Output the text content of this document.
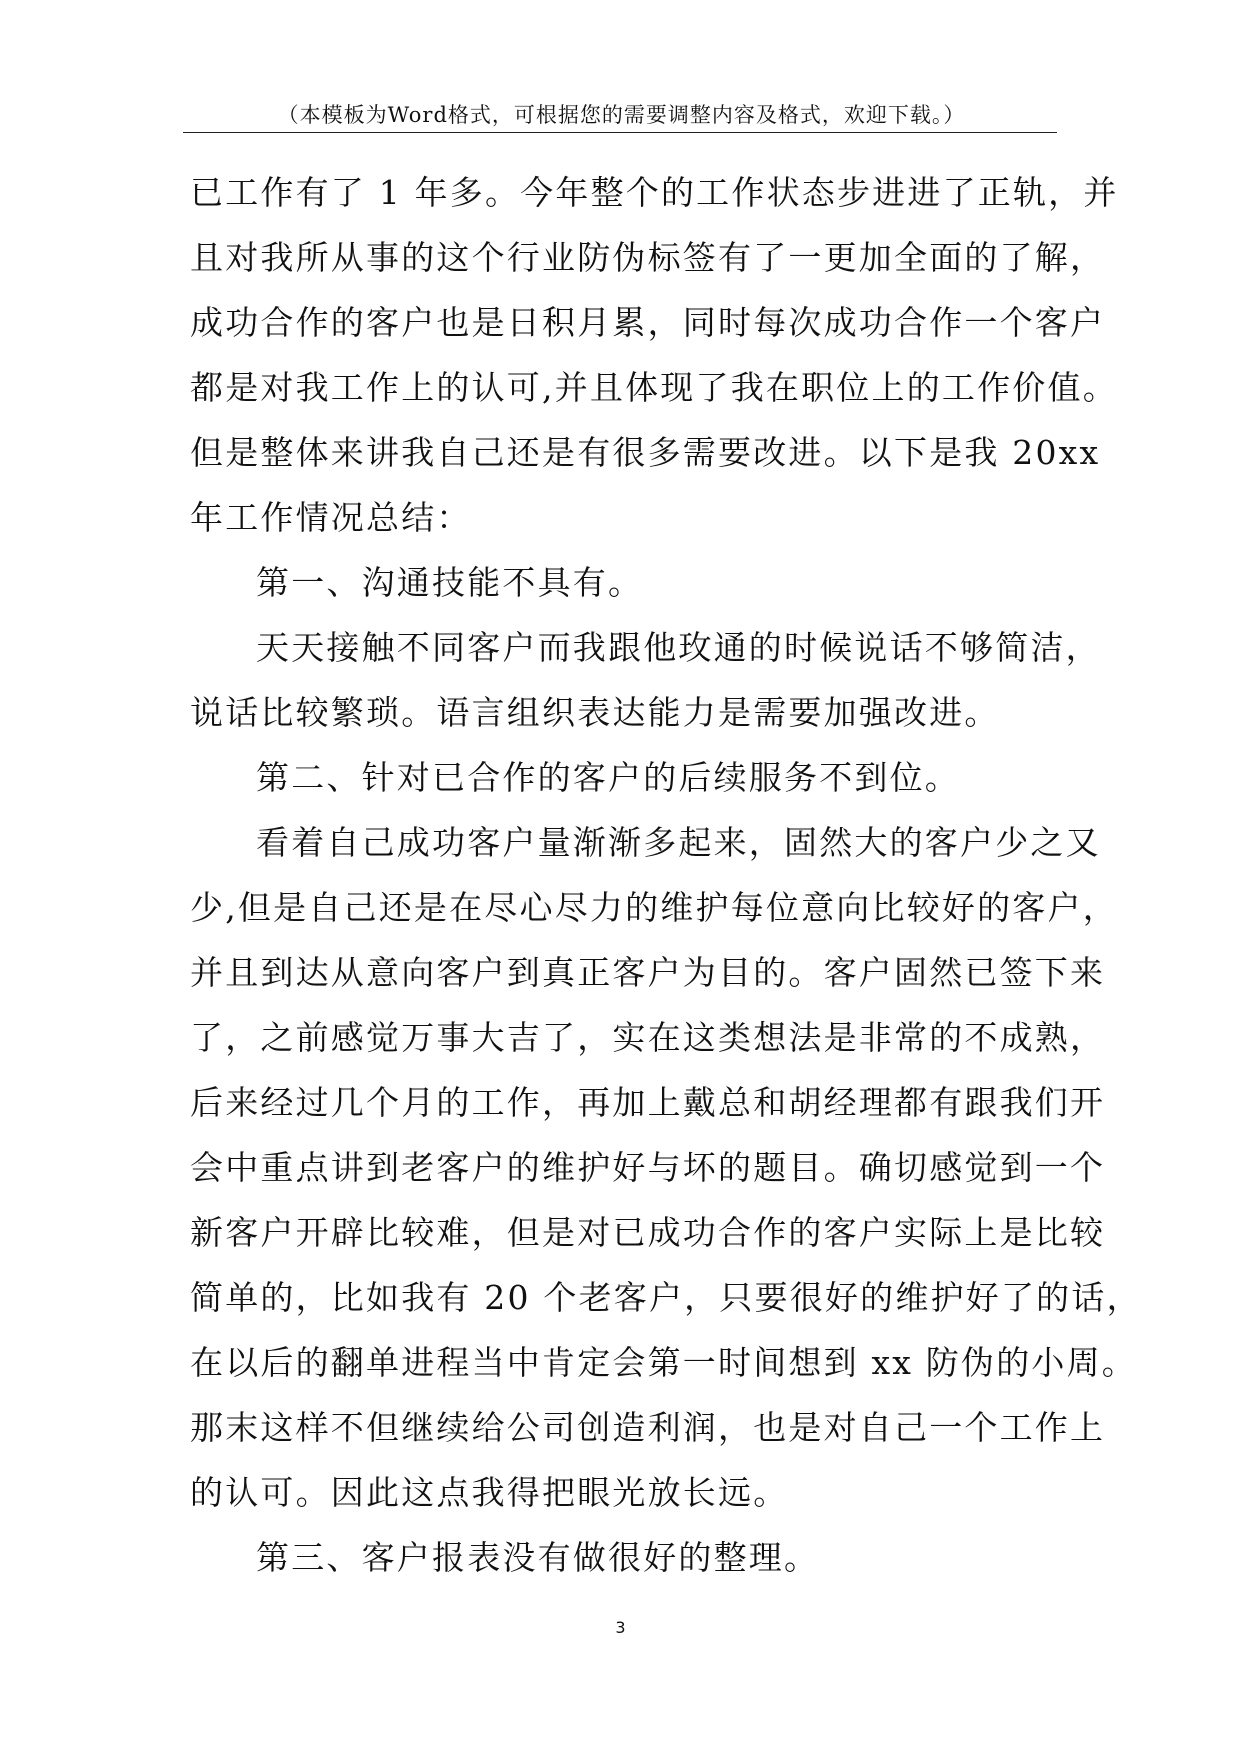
（本模板为Word格式，可根据您的需要调整内容及格式，欢迎下载。）
已工作有了 1 年多。今年整个的工作状态步进进了正轨，并
且对我所从事的这个行业防伪标签有了一更加全面的了解，
成功合作的客户也是日积月累，同时每次成功合作一个客户
都是对我工作上的认可,并且体现了我在职位上的工作价值。
但是整体来讲我自己还是有很多需要改进。以下是我 20xx
年工作情况总结：
第一、沟通技能不具有。
天天接触不同客户而我跟他玫通的时候说话不够简洁，
说话比较繁琐。语言组织表达能力是需要加强改进。
第二、针对已合作的客户的后续服务不到位。
看着自己成功客户量渐渐多起来，固然大的客户少之又
少,但是自己还是在尽心尽力的维护每位意向比较好的客户，
并且到达从意向客户到真正客户为目的。客户固然已签下来
了，之前感觉万事大吉了，实在这类想法是非常的不成熟，
后来经过几个月的工作，再加上戴总和胡经理都有跟我们开
会中重点讲到老客户的维护好与坏的题目。确切感觉到一个
新客户开辟比较难，但是对已成功合作的客户实际上是比较
简单的，比如我有 20 个老客户，只要很好的维护好了的话，
在以后的翻单进程当中肯定会第一时间想到 xx 防伪的小周。
那末这样不但继续给公司创造利润，也是对自己一个工作上
的认可。因此这点我得把眼光放长远。
第三、客户报表没有做很好的整理。
3
